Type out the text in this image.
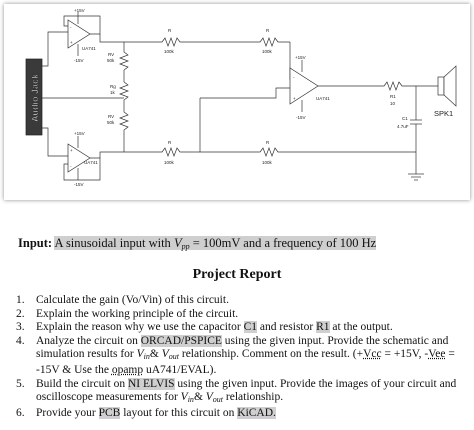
Audio Jack
-
+
+15V
-15V
UA741
+
-
+15V
-15V
UA741
RV
50k
Rg
1k
RV
50k
R
100k
R
100k
R
100k
R
100k
-
+
+15V
-15V
UA741	R1
10
C1
4.7uF
SPK1
Input: A sinusoidal input with $V_{pp} = 100mV$ and a frequency of 100 Hz
Project Report
1. Calculate the gain (Vo/Vin) of this circuit.
2. Explain the working principle of the circuit.
3. Explain the reason why we use the capacitor C1 and resistor R1 at the output.
4. Analyze the circuit on ORCAD/PSPICE using the given input. Provide the schematic and simulation results for $V_{in}\&$ $V_{out}$ relationship. Comment on the result. (+Vcc = +15V, -Vee = -15V & Use the opamp uA741/EVAL).
5. Build the circuit on NI ELVIS using the given input. Provide the images of your circuit and oscilloscope measurements for $V_{in}\&$ $V_{out}$ relationship.
6. Provide your PCB layout for this circuit on KiCAD.
